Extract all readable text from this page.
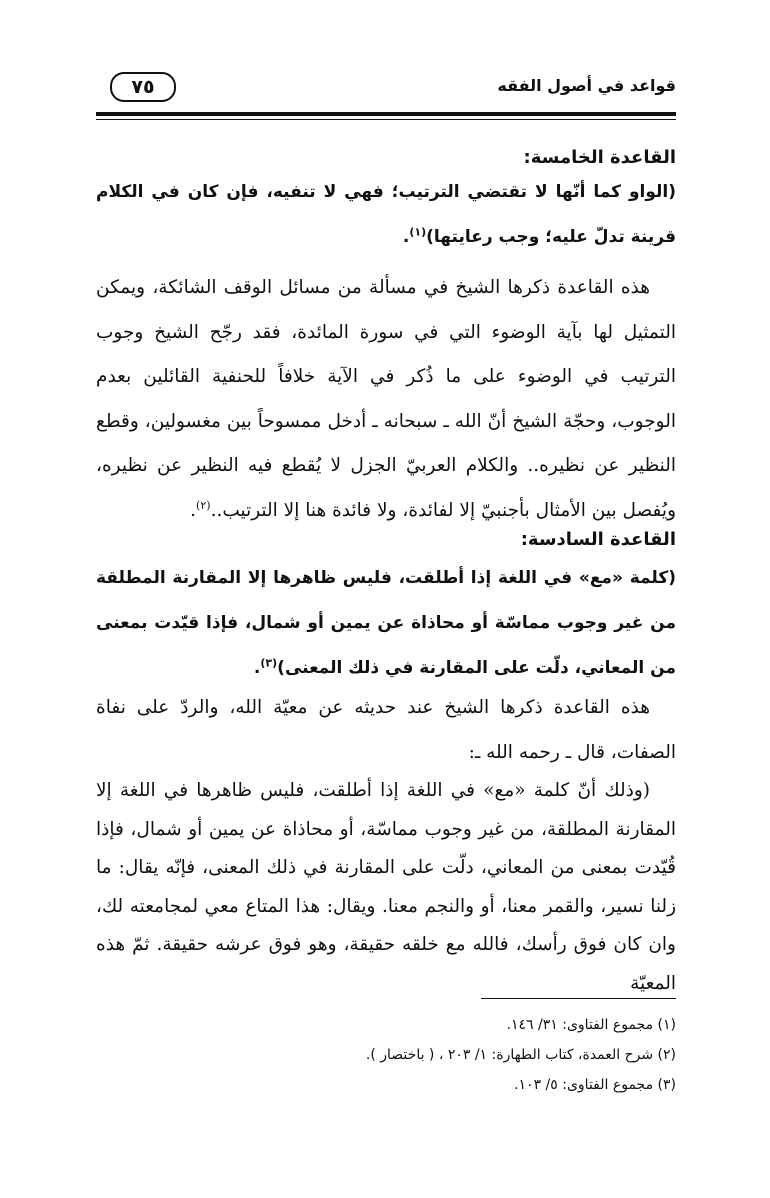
قواعد في أصول الفقه
٧٥
القاعدة الخامسة:
(الواو كما أنّها لا تقتضي الترتيب؛ فهي لا تنفيه، فإن كان في الكلام قرينة تدلّ عليه؛ وجب رعايتها)$^{(١)}$.
هذه القاعدة ذكرها الشيخ في مسألة من مسائل الوقف الشائكة، ويمكن التمثيل لها بآية الوضوء التي في سورة المائدة، فقد رجّح الشيخ وجوب الترتيب في الوضوء على ما ذُكر في الآية خلافاً للحنفية القائلين بعدم الوجوب، وحجّة الشيخ أنّ الله ـ سبحانه ـ أدخل ممسوحاً بين مغسولين، وقطع النظير عن نظيره.. والكلام العربيّ الجزل لا يُقطع فيه النظير عن نظيره، ويُفصل بين الأمثال بأجنبيّ إلا لفائدة، ولا فائدة هنا إلا الترتيب..$^{(٢)}$.
القاعدة السادسة:
(كلمة «مع» في اللغة إذا أطلقت، فليس ظاهرها إلا المقارنة المطلقة من غير وجوب مماسّة أو محاذاة عن يمين أو شمال، فإذا قيّدت بمعنى من المعاني، دلّت على المقارنة في ذلك المعنى)$^{(٣)}$.
هذه القاعدة ذكرها الشيخ عند حديثه عن معيّة الله، والردّ على نفاة الصفات، قال ـ رحمه الله ـ:
(وذلك أنّ كلمة «مع» في اللغة إذا أطلقت، فليس ظاهرها في اللغة إلا المقارنة المطلقة، من غير وجوب مماسّة، أو محاذاة عن يمين أو شمال، فإذا قُيّدت بمعنى من المعاني، دلّت على المقارنة في ذلك المعنى، فإنّه يقال: ما زلنا نسير، والقمر معنا، أو والنجم معنا. ويقال: هذا المتاع معي لمجامعته لك، وان كان فوق رأسك، فالله مع خلقه حقيقة، وهو فوق عرشه حقيقة. ثمّ هذه المعيّة
(١) مجموع الفتاوى: ٣١/ ١٤٦.
(٢) شرح العمدة، كتاب الطهارة: ١/ ٢٠٣ ، ( باختصار ).
(٣) مجموع الفتاوى: ٥/ ١٠٣.
